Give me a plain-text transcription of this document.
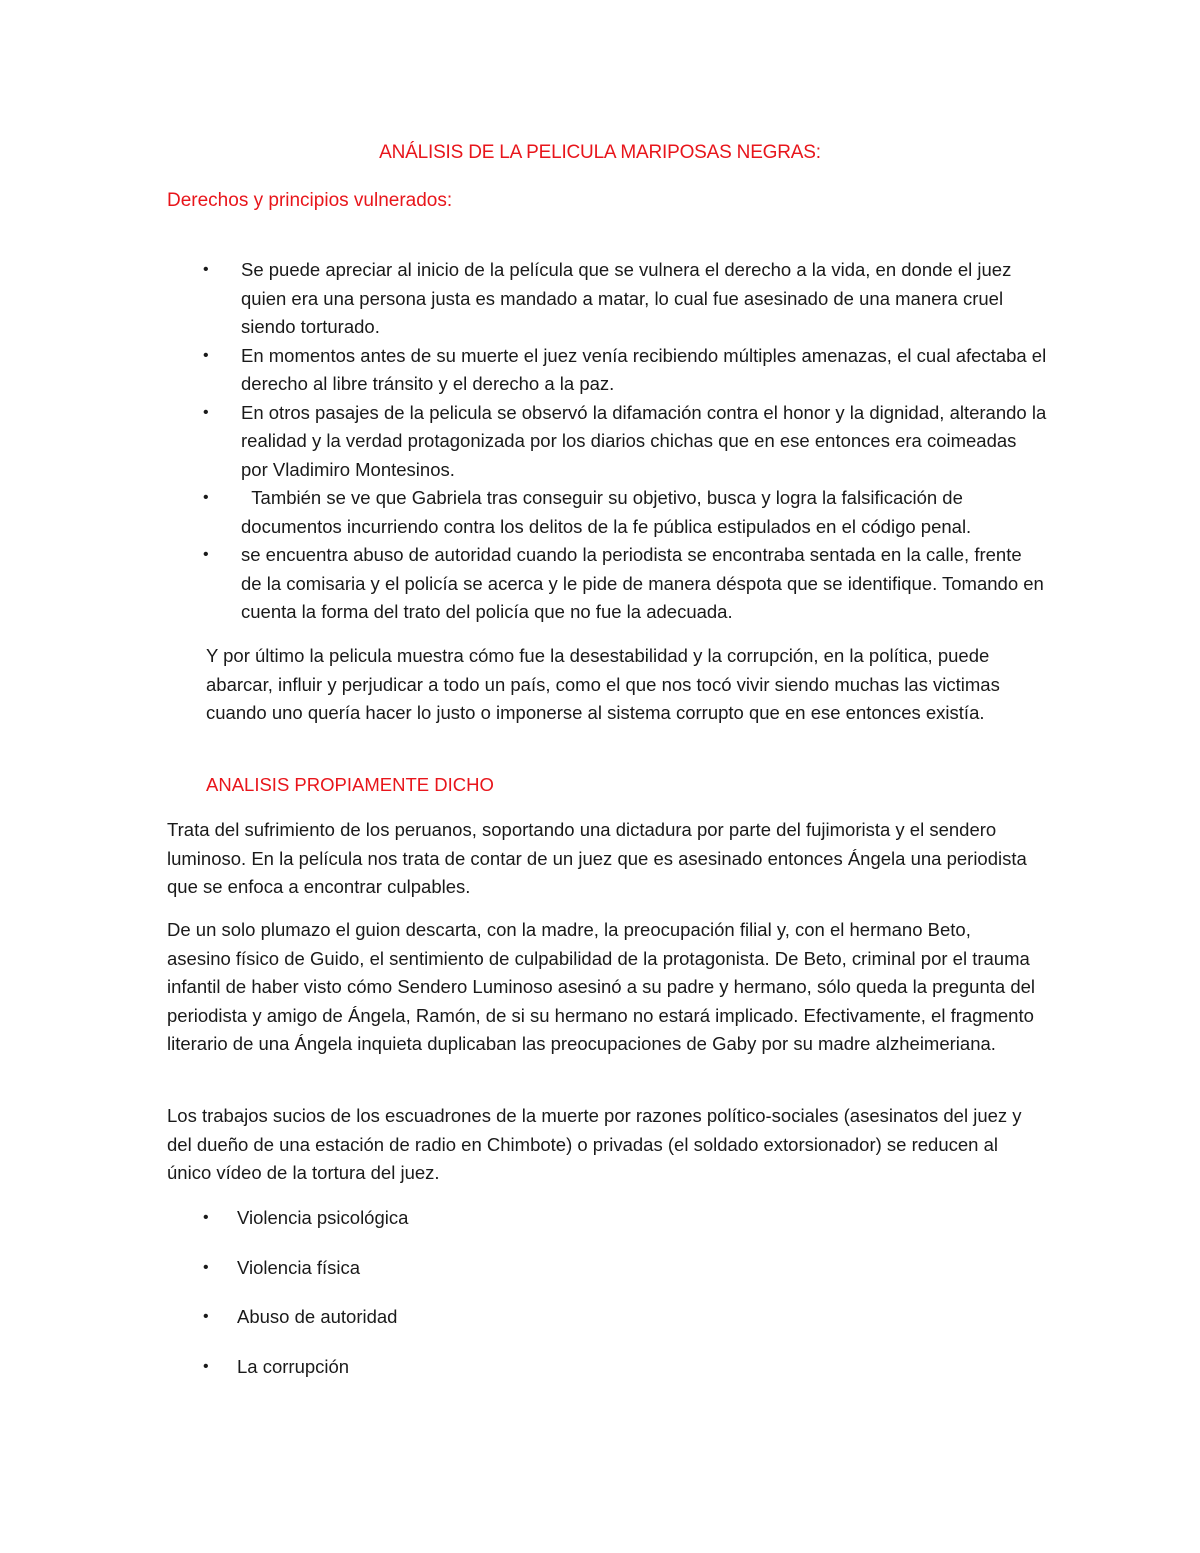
ANÁLISIS DE LA PELICULA MARIPOSAS NEGRAS:
Derechos y principios vulnerados:
• Se puede apreciar al inicio de la película que se vulnera el derecho a la vida, en donde el juez quien era una persona justa es mandado a matar, lo cual fue asesinado de una manera cruel siendo torturado.
• En momentos antes de su muerte el juez venía recibiendo múltiples amenazas, el cual afectaba el derecho al libre tránsito y el derecho a la paz.
• En otros pasajes de la pelicula se observó la difamación contra el honor y la dignidad, alterando la realidad y la verdad protagonizada por los diarios chichas que en ese entonces era coimeadas por Vladimiro Montesinos.
• También se ve que Gabriela tras conseguir su objetivo, busca y logra la falsificación de documentos incurriendo contra los delitos de la fe pública estipulados en el código penal.
• se encuentra abuso de autoridad cuando la periodista se encontraba sentada en la calle, frente de la comisaria y el policía se acerca y le pide de manera déspota que se identifique. Tomando en cuenta la forma del trato del policía que no fue la adecuada.

Y por último la pelicula muestra cómo fue la desestabilidad y la corrupción, en la política, puede abarcar, influir y perjudicar a todo un país, como el que nos tocó vivir siendo muchas las victimas cuando uno quería hacer lo justo o imponerse al sistema corrupto que en ese entonces existía.

ANALISIS PROPIAMENTE DICHO

Trata del sufrimiento de los peruanos, soportando una dictadura por parte del fujimorista y el sendero luminoso. En la película nos trata de contar de un juez que es asesinado entonces Ángela una periodista que se enfoca a encontrar culpables.

De un solo plumazo el guion descarta, con la madre, la preocupación filial y, con el hermano Beto, asesino físico de Guido, el sentimiento de culpabilidad de la protagonista. De Beto, criminal por el trauma infantil de haber visto cómo Sendero Luminoso asesinó a su padre y hermano, sólo queda la pregunta del periodista y amigo de Ángela, Ramón, de si su hermano no estará implicado. Efectivamente, el fragmento literario de una Ángela inquieta duplicaban las preocupaciones de Gaby por su madre alzheimeriana.

Los trabajos sucios de los escuadrones de la muerte por razones político-sociales (asesinatos del juez y del dueño de una estación de radio en Chimbote) o privadas (el soldado extorsionador) se reducen al único vídeo de la tortura del juez.

• Violencia psicológica
• Violencia física
• Abuso de autoridad
• La corrupción
